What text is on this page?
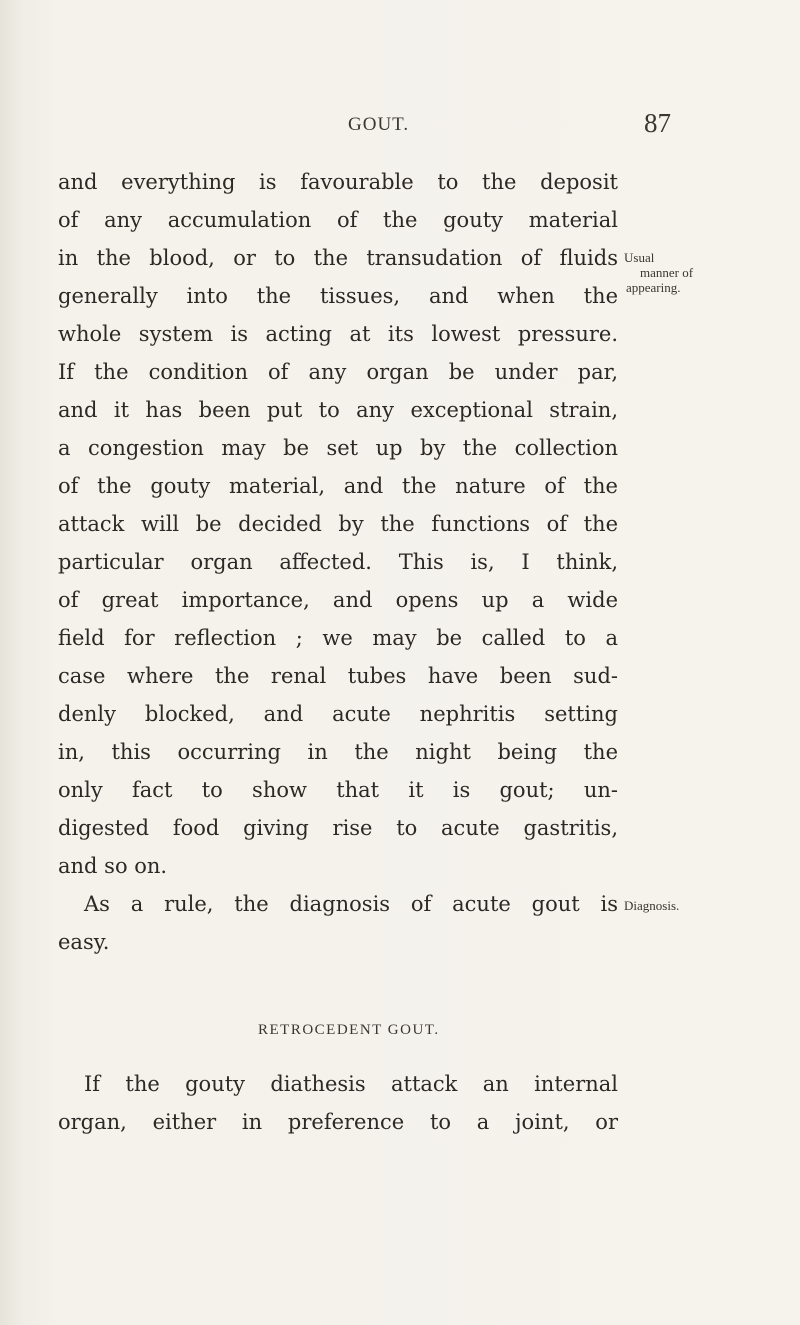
GOUT.	87
and everything is favourable to the deposit
of any accumulation of the gouty material
in the blood, or to the transudation of fluids
generally into the tissues, and when the
whole system is acting at its lowest pressure.
If the condition of any organ be under par,
and it has been put to any exceptional strain,
a congestion may be set up by the collection
of the gouty material, and the nature of the
attack will be decided by the functions of the
particular organ affected. This is, I think,
of great importance, and opens up a wide
field for reflection ; we may be called to a
case where the renal tubes have been sud-
denly blocked, and acute nephritis setting
in, this occurring in the night being the
only fact to show that it is gout; un-
digested food giving rise to acute gastritis,
and so on.
As a rule, the diagnosis of acute gout is
easy.
If the gouty diathesis attack an internal
organ, either in preference to a joint, or
Usual
manner of
appearing.
Diagnosis.
RETROCEDENT GOUT.
